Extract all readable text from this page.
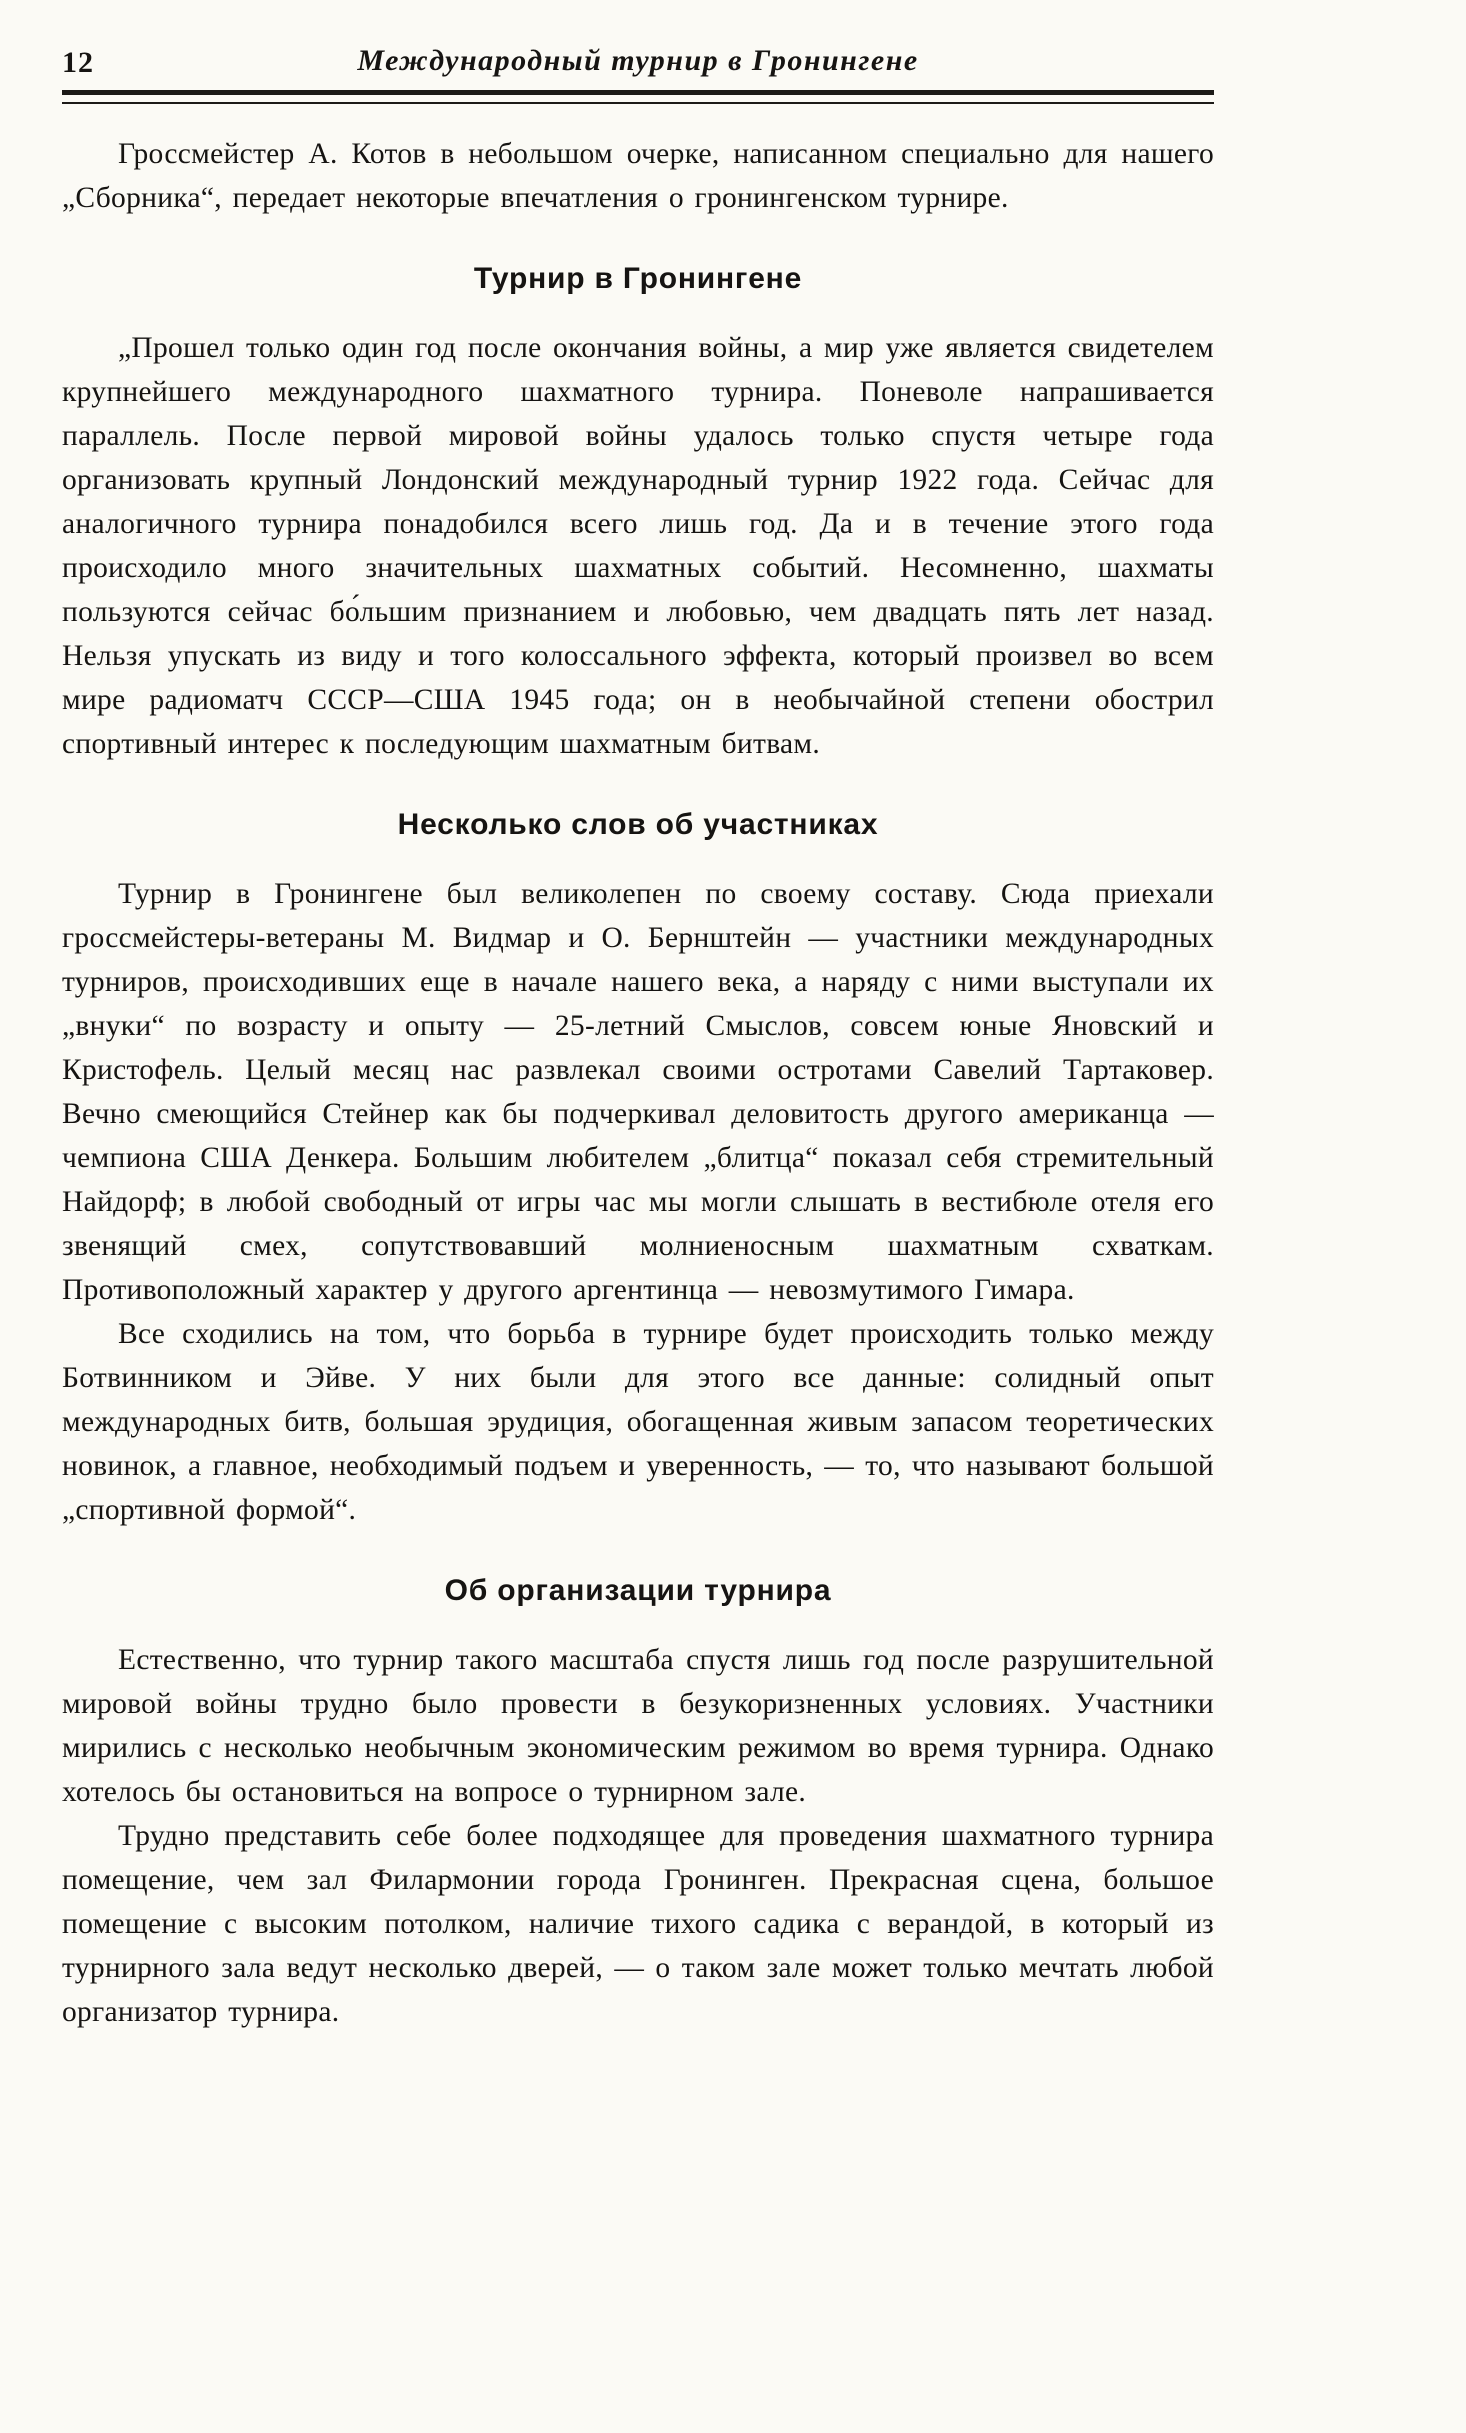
12	Международный турнир в Гронингене

Гроссмейстер А. Котов в небольшом очерке, написанном специально для нашего „Сборника“, передает некоторые впечатления о гронингенском турнире.

Турнир в Гронингене

„Прошел только один год после окончания войны, а мир уже является свидетелем крупнейшего международного шахматного турнира. Поневоле напрашивается параллель. После первой мировой войны удалось только спустя четыре года организовать крупный Лондонский международный турнир 1922 года. Сейчас для аналогичного турнира понадобился всего лишь год. Да и в течение этого года происходило много значительных шахматных событий. Несомненно, шахматы пользуются сейчас бо́льшим признанием и любовью, чем двадцать пять лет назад. Нельзя упускать из виду и того колоссального эффекта, который произвел во всем мире радиоматч СССР—США 1945 года; он в необычайной степени обострил спортивный интерес к последующим шахматным битвам.

Несколько слов об участниках

Турнир в Гронингене был великолепен по своему составу. Сюда приехали гроссмейстеры-ветераны М. Видмар и О. Бернштейн — участники международных турниров, происходивших еще в начале нашего века, а наряду с ними выступали их „внуки“ по возрасту и опыту — 25-летний Смыслов, совсем юные Яновский и Кристофель. Целый месяц нас развлекал своими остротами Савелий Тартаковер. Вечно смеющийся Стейнер как бы подчеркивал деловитость другого американца — чемпиона США Денкера. Большим любителем „блитца“ показал себя стремительный Найдорф; в любой свободный от игры час мы могли слышать в вестибюле отеля его звенящий смех, сопутствовавший молниеносным шахматным схваткам. Противоположный характер у другого аргентинца — невозмутимого Гимара.

Все сходились на том, что борьба в турнире будет происходить только между Ботвинником и Эйве. У них были для этого все данные: солидный опыт международных битв, большая эрудиция, обогащенная живым запасом теоретических новинок, а главное, необходимый подъем и уверенность, — то, что называют большой „спортивной формой“.

Об организации турнира

Естественно, что турнир такого масштаба спустя лишь год после разрушительной мировой войны трудно было провести в безукоризненных условиях. Участники мирились с несколько необычным экономическим режимом во время турнира. Однако хотелось бы остановиться на вопросе о турнирном зале.

Трудно представить себе более подходящее для проведения шахматного турнира помещение, чем зал Филармонии города Гронинген. Прекрасная сцена, большое помещение с высоким потолком, наличие тихого садика с верандой, в который из турнирного зала ведут несколько дверей, — о таком зале может только мечтать любой организатор турнира.
